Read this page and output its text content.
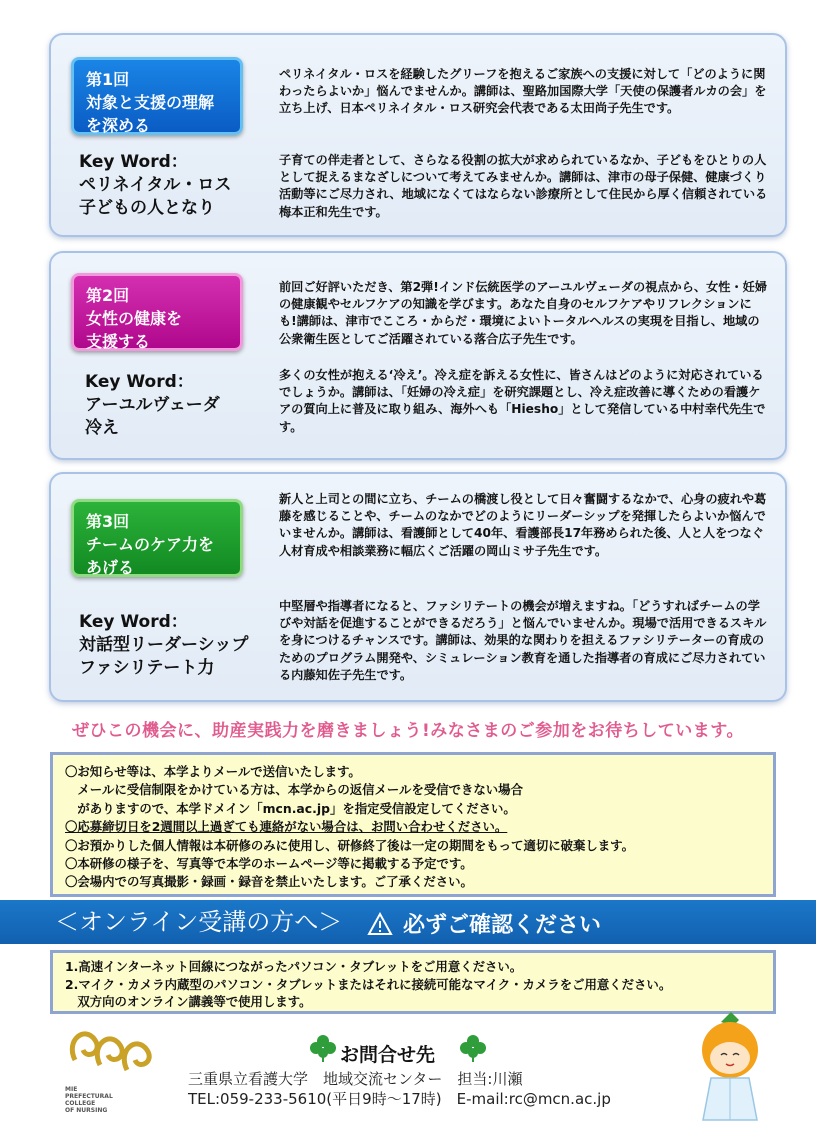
第1回
対象と支援の理解
を深める
Key Word：
ペリネイタル・ロス
子どもの人となり
ペリネイタル・ロスを経験したグリーフを抱えるご家族への支援に対して「どのように関わったらよいか」悩んでませんか。講師は、聖路加国際大学「天使の保護者ルカの会」を立ち上げ、日本ペリネイタル・ロス研究会代表である太田尚子先生です。
子育ての伴走者として、さらなる役割の拡大が求められているなか、子どもをひとりの人として捉えるまなざしについて考えてみませんか。講師は、津市の母子保健、健康づくり活動等にご尽力され、地域になくてはならない診療所として住民から厚く信頼されている梅本正和先生です。
第2回
女性の健康を
支援する
Key Word：
アーユルヴェーダ
冷え
前回ご好評いただき、第2弾!インド伝統医学のアーユルヴェーダの視点から、女性・妊婦の健康観やセルフケアの知識を学びます。あなた自身のセルフケアやリフレクションにも!講師は、津市でこころ・からだ・環境によいトータルヘルスの実現を目指し、地域の公衆衛生医としてご活躍されている落合広子先生です。
多くの女性が抱える‘冷え’。冷え症を訴える女性に、皆さんはどのように対応されているでしょうか。講師は、「妊婦の冷え症」を研究課題とし、冷え症改善に導くための看護ケアの質向上に普及に取り組み、海外へも「Hiesho」として発信している中村幸代先生です。
第3回
チームのケア力を
あげる
Key Word：
対話型リーダーシップ
ファシリテート力
新人と上司との間に立ち、チームの橋渡し役として日々奮闘するなかで、心身の疲れや葛藤を感じることや、チームのなかでどのようにリーダーシップを発揮したらよいか悩んでいませんか。講師は、看護師として40年、看護部長17年務められた後、人と人をつなぐ人材育成や相談業務に幅広くご活躍の岡山ミサ子先生です。
中堅層や指導者になると、ファシリテートの機会が増えますね。「どうすればチームの学びや対話を促進することができるだろう」と悩んでいませんか。現場で活用できるスキルを身につけるチャンスです。講師は、効果的な関わりを担えるファシリテーターの育成のためのプログラム開発や、シミュレーション教育を通した指導者の育成にご尽力されている内藤知佐子先生です。
ぜひこの機会に、助産実践力を磨きましょう!みなさまのご参加をお待ちしています。
〇お知らせ等は、本学よりメールで送信いたします。
　メールに受信制限をかけている方は、本学からの返信メールを受信できない場合
　がありますので、本学ドメイン「mcn.ac.jp」を指定受信設定してください。
〇応募締切日を2週間以上過ぎても連絡がない場合は、お問い合わせください。
〇お預かりした個人情報は本研修のみに使用し、研修終了後は一定の期間をもって適切に破棄します。
〇本研修の様子を、写真等で本学のホームページ等に掲載する予定です。
〇会場内での写真撮影・録画・録音を禁止いたします。ご了承ください。
＜オンライン受講の方へ＞	必ずご確認ください
1.高速インターネット回線につながったパソコン・タブレットをご用意ください。
2.マイク・カメラ内蔵型のパソコン・タブレットまたはそれに接続可能なマイク・カメラをご用意ください。
　双方向のオンライン講義等で使用します。
MIE
PREFECTURAL
COLLEGE
OF NURSING
お問合せ先
三重県立看護大学　地域交流センター　担当:川瀬
TEL:059-233-5610(平日9時～17時)　E-mail:rc@mcn.ac.jp
